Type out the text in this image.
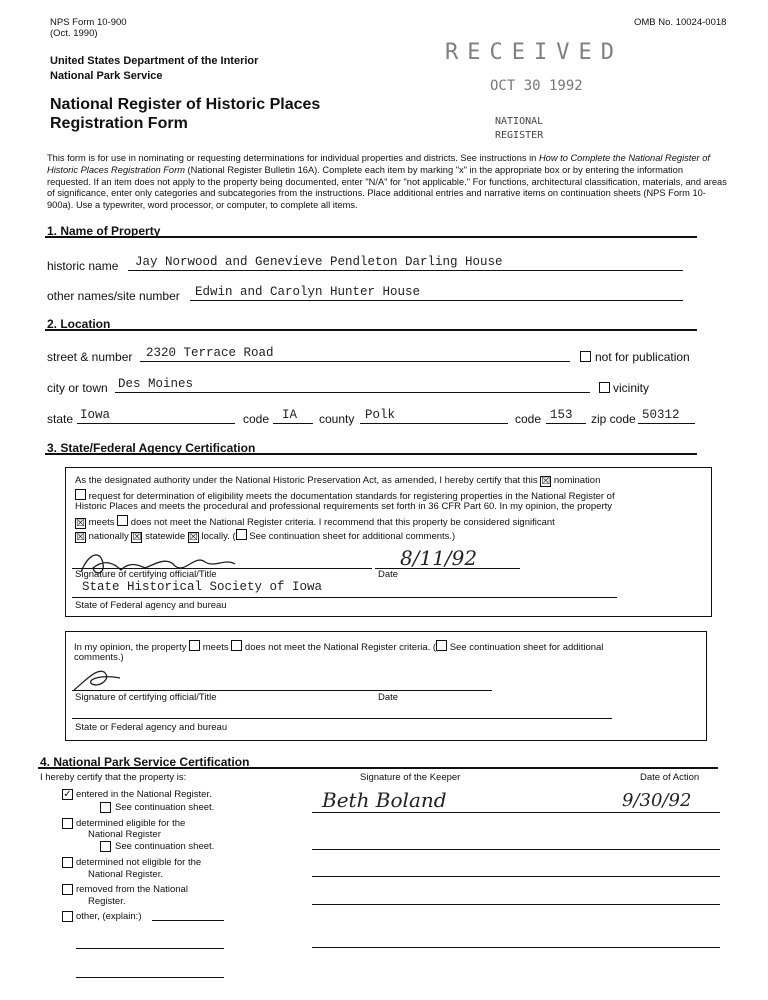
NPS Form 10-900
(Oct. 1990)
OMB No. 10024-0018
United States Department of the Interior
National Park Service
National Register of Historic Places
Registration Form
RECEIVED
OCT 30 1992
NATIONAL
REGISTER
This form is for use in nominating or requesting determinations for individual properties and districts. See instructions in How to Complete the National Register of Historic Places Registration Form (National Register Bulletin 16A). Complete each item by marking "x" in the appropriate box or by entering the information requested. If an item does not apply to the property being documented, enter "N/A" for "not applicable." For functions, architectural classification, materials, and areas of significance, enter only categories and subcategories from the instructions. Place additional entries and narrative items on continuation sheets (NPS Form 10-900a). Use a typewriter, word processor, or computer, to complete all items.
1. Name of Property
historic name Jay Norwood and Genevieve Pendleton Darling House
other names/site number Edwin and Carolyn Hunter House
2. Location
street & number 2320 Terrace Road	not for publication
city or town Des Moines	vicinity
state Iowa	code IA county Polk	code 153 zip code 50312
3. State/Federal Agency Certification
As the designated authority under the National Historic Preservation Act, as amended, I hereby certify that this ☒ nomination
request for determination of eligibility meets the documentation standards for registering properties in the National Register of
Historic Places and meets the procedural and professional requirements set forth in 36 CFR Part 60. In my opinion, the property
☒ meets does not meet the National Register criteria. I recommend that this property be considered significant
☒ nationally ☒ statewide ☒ locally. ( See continuation sheet for additional comments.)
8/11/92
Signature of certifying official/Title	Date
State Historical Society of Iowa
State of Federal agency and bureau
In my opinion, the property meets does not meet the National Register criteria. ( See continuation sheet for additional
comments.)
Signature of certifying official/Title	Date
State or Federal agency and bureau
4. National Park Service Certification
I hereby certify that the property is:	Signature of the Keeper	Date of Action
✓ entered in the National Register.
See continuation sheet.
determined eligible for the
National Register
See continuation sheet.
determined not eligible for the
National Register.
removed from the National
Register.
other, (explain:)
Beth Boland	9/30/92
